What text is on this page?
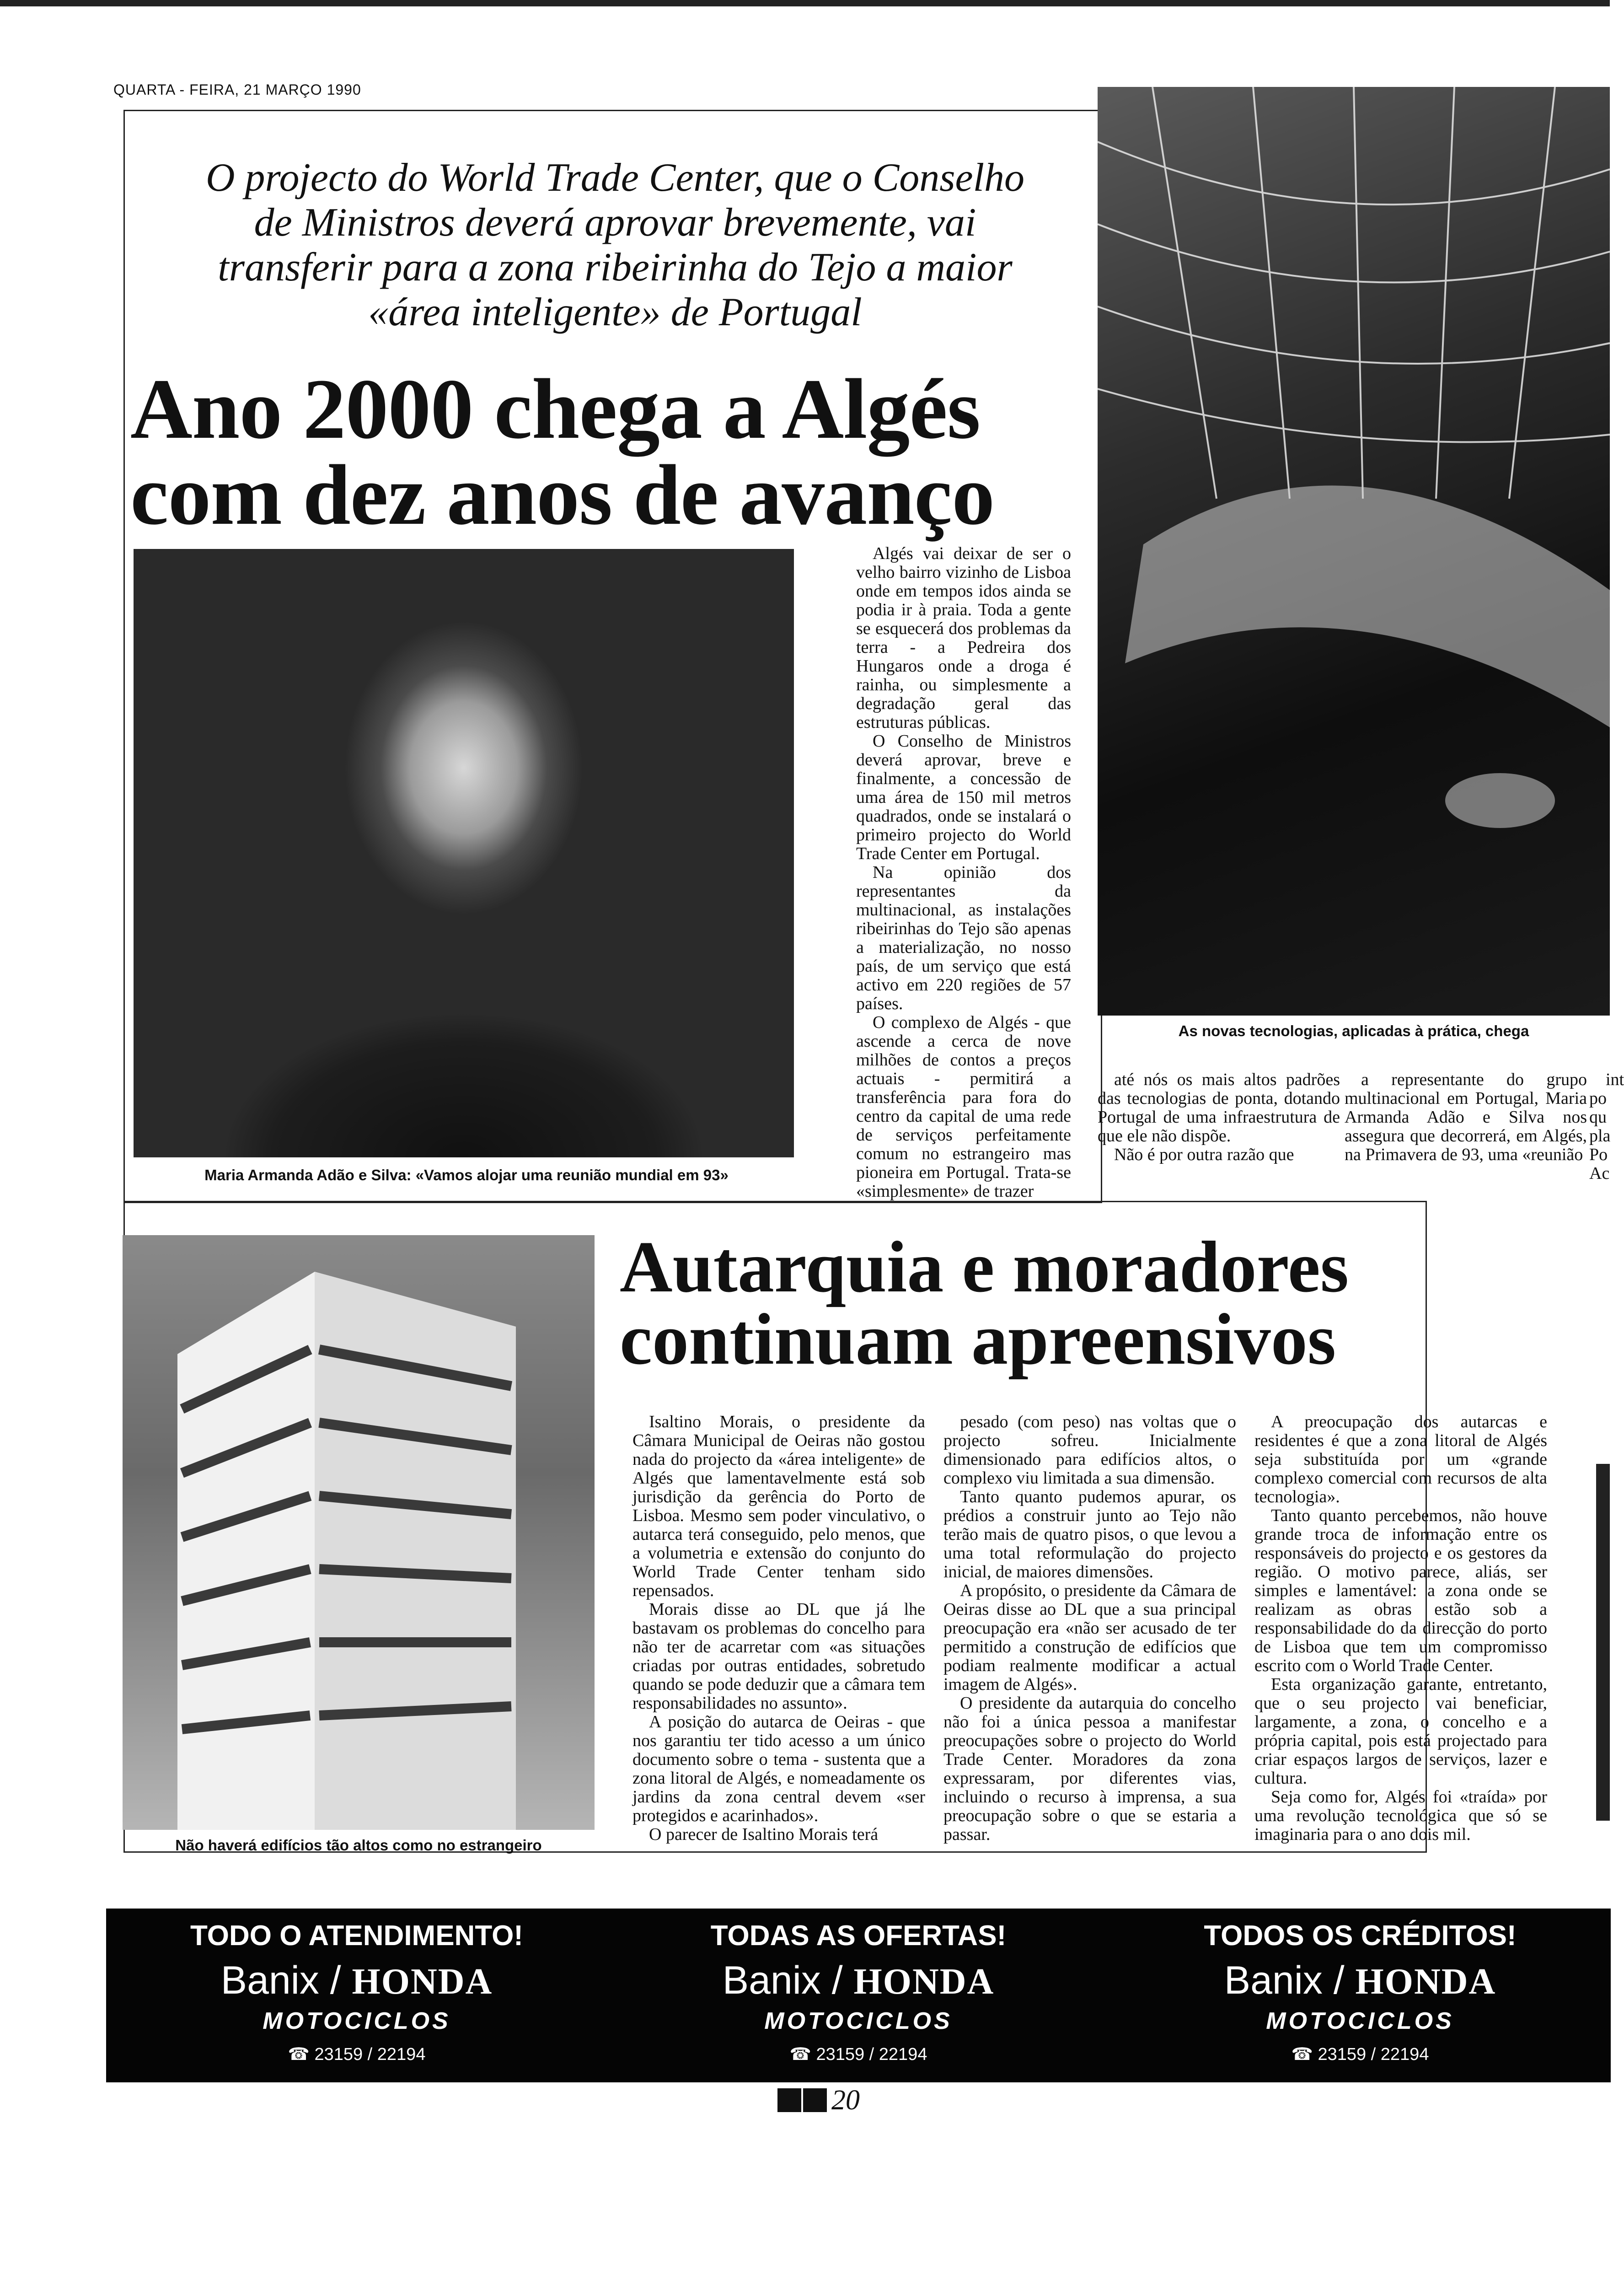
QUARTA - FEIRA, 21 MARÇO 1990
O projecto do World Trade Center, que o Conselho
de Ministros deverá aprovar brevemente, vai
transferir para a zona ribeirinha do Tejo a maior
«área inteligente» de Portugal
Ano 2000 chega a Algés
com dez anos de avanço
Maria Armanda Adão e Silva: «Vamos alojar uma reunião mundial em 93»
As novas tecnologias, aplicadas à prática, chega

Algés vai deixar de ser o velho bairro vizinho de Lisboa onde em tempos idos ainda se podia ir à praia. Toda a gente se esquecerá dos problemas da terra - a Pedreira dos Hungaros onde a droga é rainha, ou simplesmente a degradação geral das estruturas públicas.

O Conselho de Ministros deverá aprovar, breve e finalmente, a concessão de uma área de 150 mil metros quadrados, onde se instalará o primeiro projecto do World Trade Center em Portugal.

Na opinião dos representantes da multinacional, as instalações ribeirinhas do Tejo são apenas a materialização, no nosso país, de um serviço que está activo em 220 regiões de 57 países.

O complexo de Algés - que ascende a cerca de nove milhões de contos a preços actuais - permitirá a transferência para fora do centro da capital de uma rede de serviços perfeitamente comum no estrangeiro mas pioneira em Portugal. Trata-se «simplesmente» de trazer

até nós os mais altos padrões das tecnologias de ponta, dotando Portugal de uma infraestrutura de que ele não dispõe.

Não é por outra razão que

a representante do grupo multinacional em Portugal, Maria Armanda Adão e Silva nos assegura que decorrerá, em Algés, na Primavera de 93, uma «reunião

int po qu pla Po Ac

Não haverá edifícios tão altos como no estrangeiro
Autarquia e moradores
continuam apreensivos

Isaltino Morais, o presidente da Câmara Municipal de Oeiras não gostou nada do projecto da «área inteligente» de Algés que lamentavelmente está sob jurisdição da gerência do Porto de Lisboa. Mesmo sem poder vinculativo, o autarca terá conseguido, pelo menos, que a volumetria e extensão do conjunto do World Trade Center tenham sido repensados.

Morais disse ao DL que já lhe bastavam os problemas do concelho para não ter de acarretar com «as situações criadas por outras entidades, sobretudo quando se pode deduzir que a câmara tem responsabilidades no assunto».

A posição do autarca de Oeiras - que nos garantiu ter tido acesso a um único documento sobre o tema - sustenta que a zona litoral de Algés, e nomeadamente os jardins da zona central devem «ser protegidos e acarinhados».

O parecer de Isaltino Morais terá

pesado (com peso) nas voltas que o projecto sofreu. Inicialmente dimensionado para edifícios altos, o complexo viu limitada a sua dimensão.

Tanto quanto pudemos apurar, os prédios a construir junto ao Tejo não terão mais de quatro pisos, o que levou a uma total reformulação do projecto inicial, de maiores dimensões.

A propósito, o presidente da Câmara de Oeiras disse ao DL que a sua principal preocupação era «não ser acusado de ter permitido a construção de edifícios que podiam realmente modificar a actual imagem de Algés».

O presidente da autarquia do concelho não foi a única pessoa a manifestar preocupações sobre o projecto do World Trade Center. Moradores da zona expressaram, por diferentes vias, incluindo o recurso à imprensa, a sua preocupação sobre o que se estaria a passar.

A preocupação dos autarcas e residentes é que a zona litoral de Algés seja substituída por um «grande complexo comercial com recursos de alta tecnologia».

Tanto quanto percebemos, não houve grande troca de informação entre os responsáveis do projecto e os gestores da região. O motivo parece, aliás, ser simples e lamentável: a zona onde se realizam as obras estão sob a responsabilidade do da direcção do porto de Lisboa que tem um compromisso escrito com o World Trade Center.

Esta organização garante, entretanto, que o seu projecto vai beneficiar, largamente, a zona, o concelho e a própria capital, pois está projectado para criar espaços largos de serviços, lazer e cultura.

Seja como for, Algés foi «traída» por uma revolução tecnológica que só se imaginaria para o ano dois mil.

TODO O ATENDIMENTO!
Banix / HONDA
MOTOCICLOS
☎ 23159 / 22194
TODAS AS OFERTAS!
Banix / HONDA
MOTOCICLOS
☎ 23159 / 22194
TODOS OS CRÉDITOS!
Banix / HONDA
MOTOCICLOS
☎ 23159 / 22194
20
